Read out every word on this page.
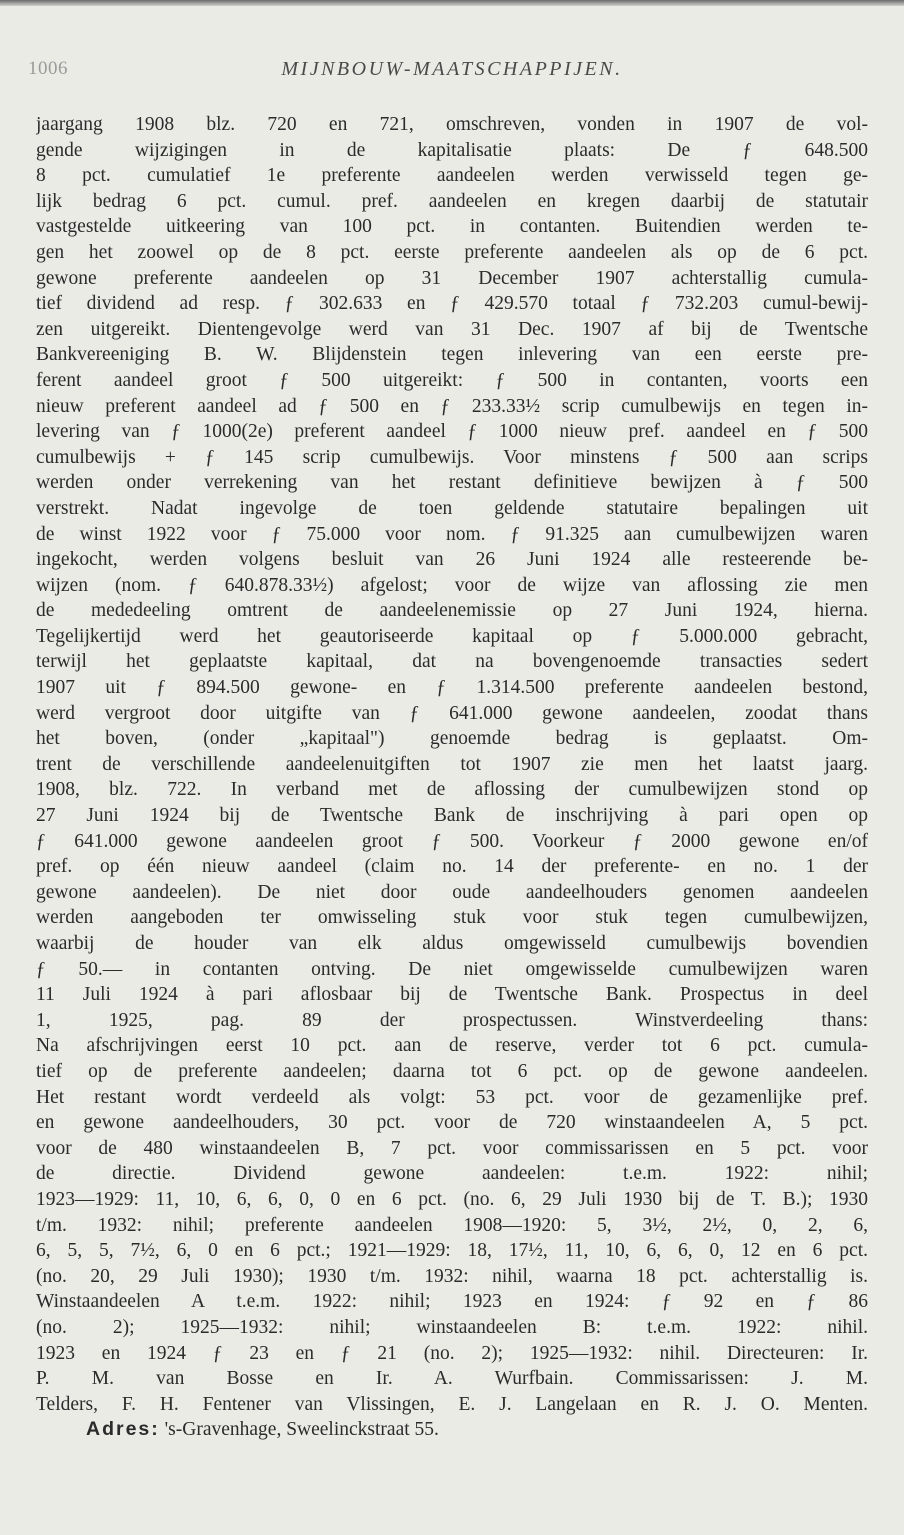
1006	MIJNBOUW-MAATSCHAPPIJEN.
jaargang 1908 blz. 720 en 721, omschreven, vonden in 1907 de vol-
gende wijzigingen in de kapitalisatie plaats: De ƒ 648.500
8 pct. cumulatief 1e preferente aandeelen werden verwisseld tegen ge-
lijk bedrag 6 pct. cumul. pref. aandeelen en kregen daarbij de statutair
vastgestelde uitkeering van 100 pct. in contanten. Buitendien werden te-
gen het zoowel op de 8 pct. eerste preferente aandeelen als op de 6 pct.
gewone preferente aandeelen op 31 December 1907 achterstallig cumula-
tief dividend ad resp. ƒ 302.633 en ƒ 429.570 totaal ƒ 732.203 cumul-bewij-
zen uitgereikt. Dientengevolge werd van 31 Dec. 1907 af bij de Twentsche
Bankvereeniging B. W. Blijdenstein tegen inlevering van een eerste pre-
ferent aandeel groot ƒ 500 uitgereikt: ƒ 500 in contanten, voorts een
nieuw preferent aandeel ad ƒ 500 en ƒ 233.33½ scrip cumulbewijs en tegen in-
levering van ƒ 1000(2e) preferent aandeel ƒ 1000 nieuw pref. aandeel en ƒ 500
cumulbewijs + ƒ 145 scrip cumulbewijs. Voor minstens ƒ 500 aan scrips
werden onder verrekening van het restant definitieve bewijzen à ƒ 500
verstrekt. Nadat ingevolge de toen geldende statutaire bepalingen uit
de winst 1922 voor ƒ 75.000 voor nom. ƒ 91.325 aan cumulbewijzen waren
ingekocht, werden volgens besluit van 26 Juni 1924 alle resteerende be-
wijzen (nom. ƒ 640.878.33½) afgelost; voor de wijze van aflossing zie men
de mededeeling omtrent de aandeelenemissie op 27 Juni 1924, hierna.
Tegelijkertijd werd het geautoriseerde kapitaal op ƒ 5.000.000 gebracht,
terwijl het geplaatste kapitaal, dat na bovengenoemde transacties sedert
1907 uit ƒ 894.500 gewone- en ƒ 1.314.500 preferente aandeelen bestond,
werd vergroot door uitgifte van ƒ 641.000 gewone aandeelen, zoodat thans
het boven, (onder „kapitaal") genoemde bedrag is geplaatst. Om-
trent de verschillende aandeelenuitgiften tot 1907 zie men het laatst jaarg.
1908, blz. 722. In verband met de aflossing der cumulbewijzen stond op
27 Juni 1924 bij de Twentsche Bank de inschrijving à pari open op
ƒ 641.000 gewone aandeelen groot ƒ 500. Voorkeur ƒ 2000 gewone en/of
pref. op één nieuw aandeel (claim no. 14 der preferente- en no. 1 der
gewone aandeelen). De niet door oude aandeelhouders genomen aandeelen
werden aangeboden ter omwisseling stuk voor stuk tegen cumulbewijzen,
waarbij de houder van elk aldus omgewisseld cumulbewijs bovendien
ƒ 50.— in contanten ontving. De niet omgewisselde cumulbewijzen waren
11 Juli 1924 à pari aflosbaar bij de Twentsche Bank. Prospectus in deel
1, 1925, pag. 89 der prospectussen. Winstverdeeling thans:
Na afschrijvingen eerst 10 pct. aan de reserve, verder tot 6 pct. cumula-
tief op de preferente aandeelen; daarna tot 6 pct. op de gewone aandeelen.
Het restant wordt verdeeld als volgt: 53 pct. voor de gezamenlijke pref.
en gewone aandeelhouders, 30 pct. voor de 720 winstaandeelen A, 5 pct.
voor de 480 winstaandeelen B, 7 pct. voor commissarissen en 5 pct. voor
de directie. Dividend gewone aandeelen: t.e.m. 1922: nihil;
1923—1929: 11, 10, 6, 6, 0, 0 en 6 pct. (no. 6, 29 Juli 1930 bij de T. B.); 1930
t/m. 1932: nihil; preferente aandeelen 1908—1920: 5, 3½, 2½, 0, 2, 6,
6, 5, 5, 7½, 6, 0 en 6 pct.; 1921—1929: 18, 17½, 11, 10, 6, 6, 0, 12 en 6 pct.
(no. 20, 29 Juli 1930); 1930 t/m. 1932: nihil, waarna 18 pct. achterstallig is.
Winstaandeelen A t.e.m. 1922: nihil; 1923 en 1924: ƒ 92 en ƒ 86
(no. 2); 1925—1932: nihil; winstaandeelen B: t.e.m. 1922: nihil.
1923 en 1924 ƒ 23 en ƒ 21 (no. 2); 1925—1932: nihil. Directeuren: Ir.
P. M. van Bosse en Ir. A. Wurfbain. Commissarissen: J. M.
Telders, F. H. Fentener van Vlissingen, E. J. Langelaan en R. J. O. Menten.
Adres: 's-Gravenhage, Sweelinckstraat 55.
